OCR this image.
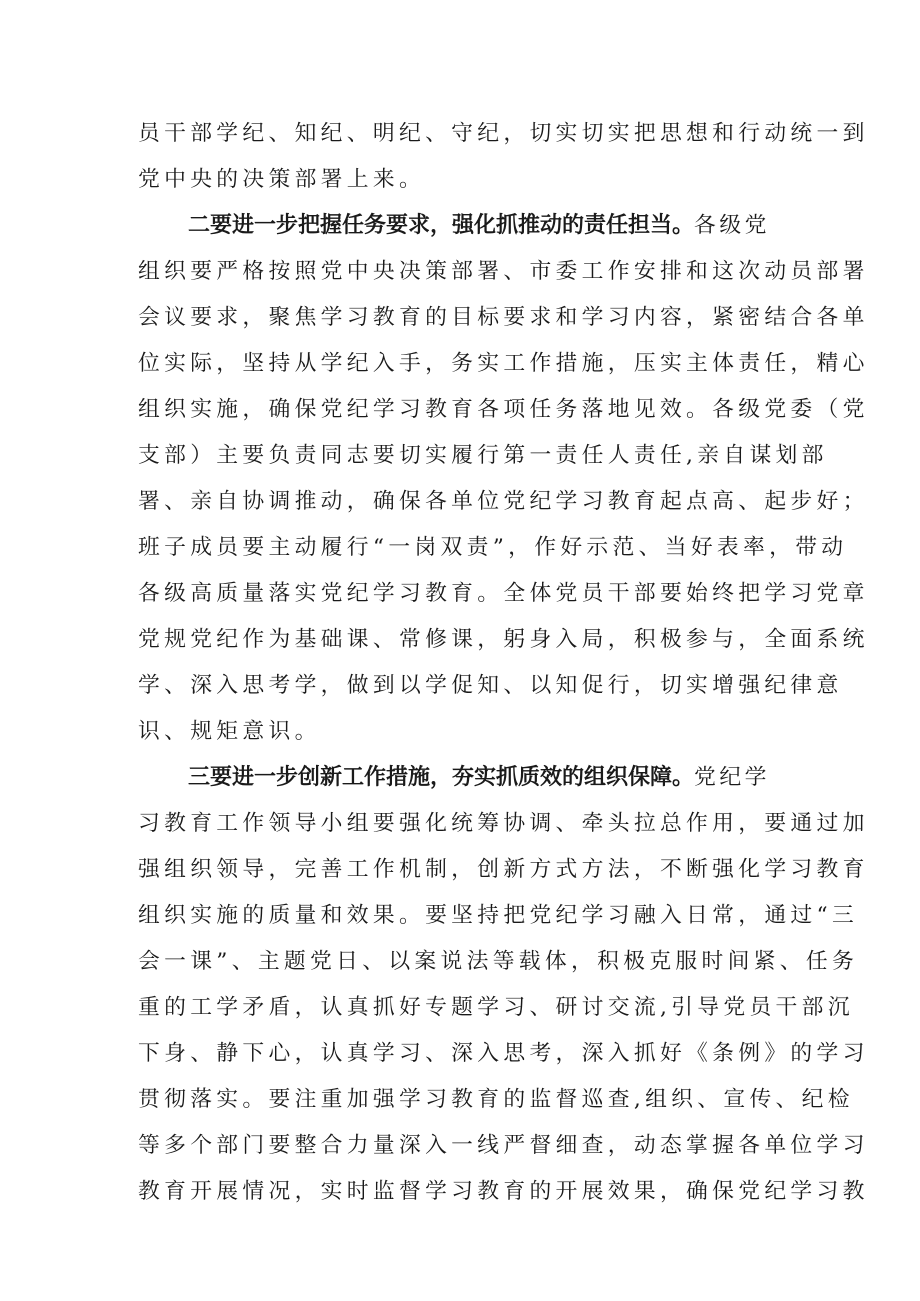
员干部学纪、知纪、明纪、守纪，切实切实把思想和行动统一到
党中央的决策部署上来。
二要进一步把握任务要求，强化抓推动的责任担当。各级党
组织要严格按照党中央决策部署、市委工作安排和这次动员部署
会议要求，聚焦学习教育的目标要求和学习内容，紧密结合各单
位实际，坚持从学纪入手，务实工作措施，压实主体责任，精心
组织实施，确保党纪学习教育各项任务落地见效。各级党委（党
支部）主要负责同志要切实履行第一责任人责任,亲自谋划部
署、亲自协调推动，确保各单位党纪学习教育起点高、起步好；
班子成员要主动履行“一岗双责”，作好示范、当好表率，带动
各级高质量落实党纪学习教育。全体党员干部要始终把学习党章
党规党纪作为基础课、常修课，躬身入局，积极参与，全面系统
学、深入思考学，做到以学促知、以知促行，切实增强纪律意
识、规矩意识。
三要进一步创新工作措施，夯实抓质效的组织保障。党纪学
习教育工作领导小组要强化统筹协调、牵头拉总作用，要通过加
强组织领导，完善工作机制，创新方式方法，不断强化学习教育
组织实施的质量和效果。要坚持把党纪学习融入日常，通过“三
会一课”、主题党日、以案说法等载体，积极克服时间紧、任务
重的工学矛盾，认真抓好专题学习、研讨交流,引导党员干部沉
下身、静下心，认真学习、深入思考，深入抓好《条例》的学习
贯彻落实。要注重加强学习教育的监督巡查,组织、宣传、纪检
等多个部门要整合力量深入一线严督细查，动态掌握各单位学习
教育开展情况，实时监督学习教育的开展效果，确保党纪学习教
